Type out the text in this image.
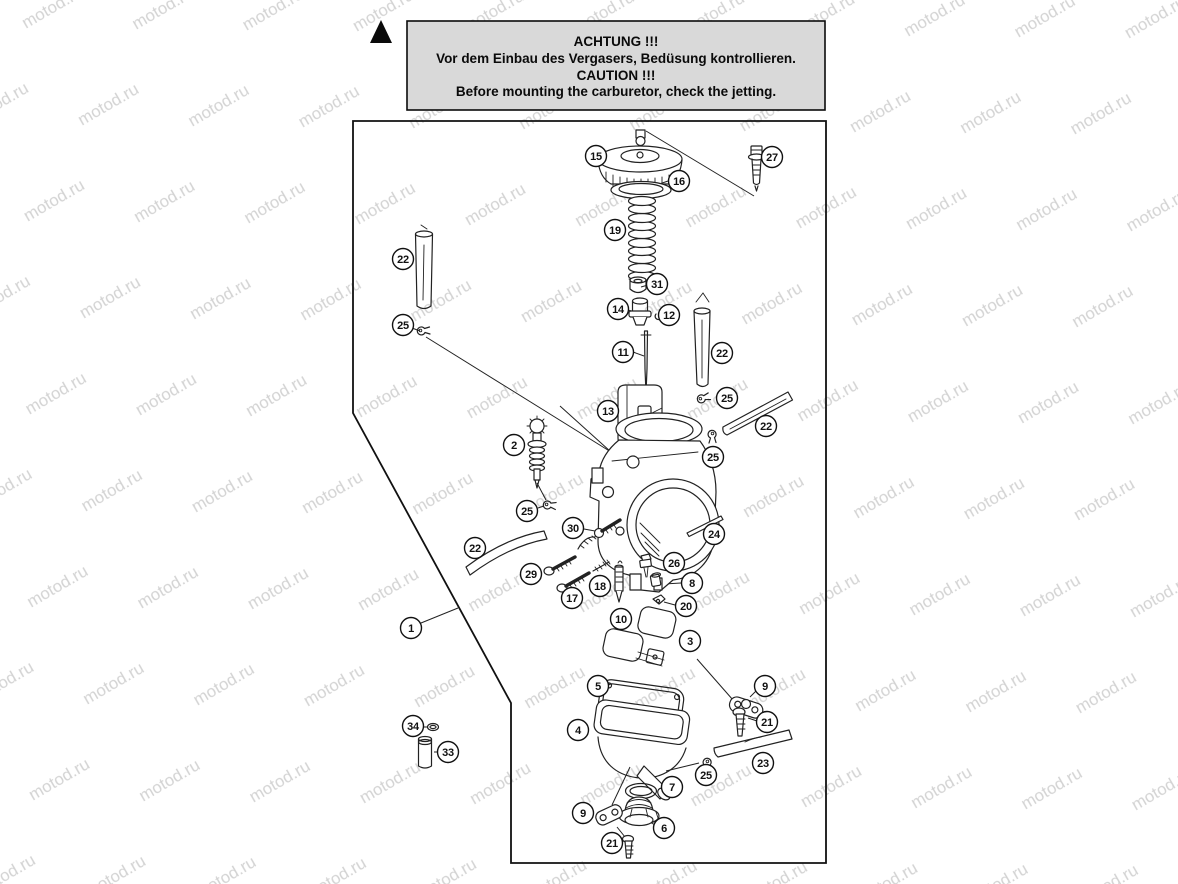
ACHTUNG !!!
Vor dem Einbau des Vergasers, Bedüsung kontrollieren.
CAUTION !!!
Before mounting the carburetor, check the jetting.
15
16
27
19
31
14	12
11
22
25
22
13
25
22
2
25
25
30	24
22
29
26
8
18
17
20
10
3
1
5	9
21
4
23
25
7
34
33
9
6
21
